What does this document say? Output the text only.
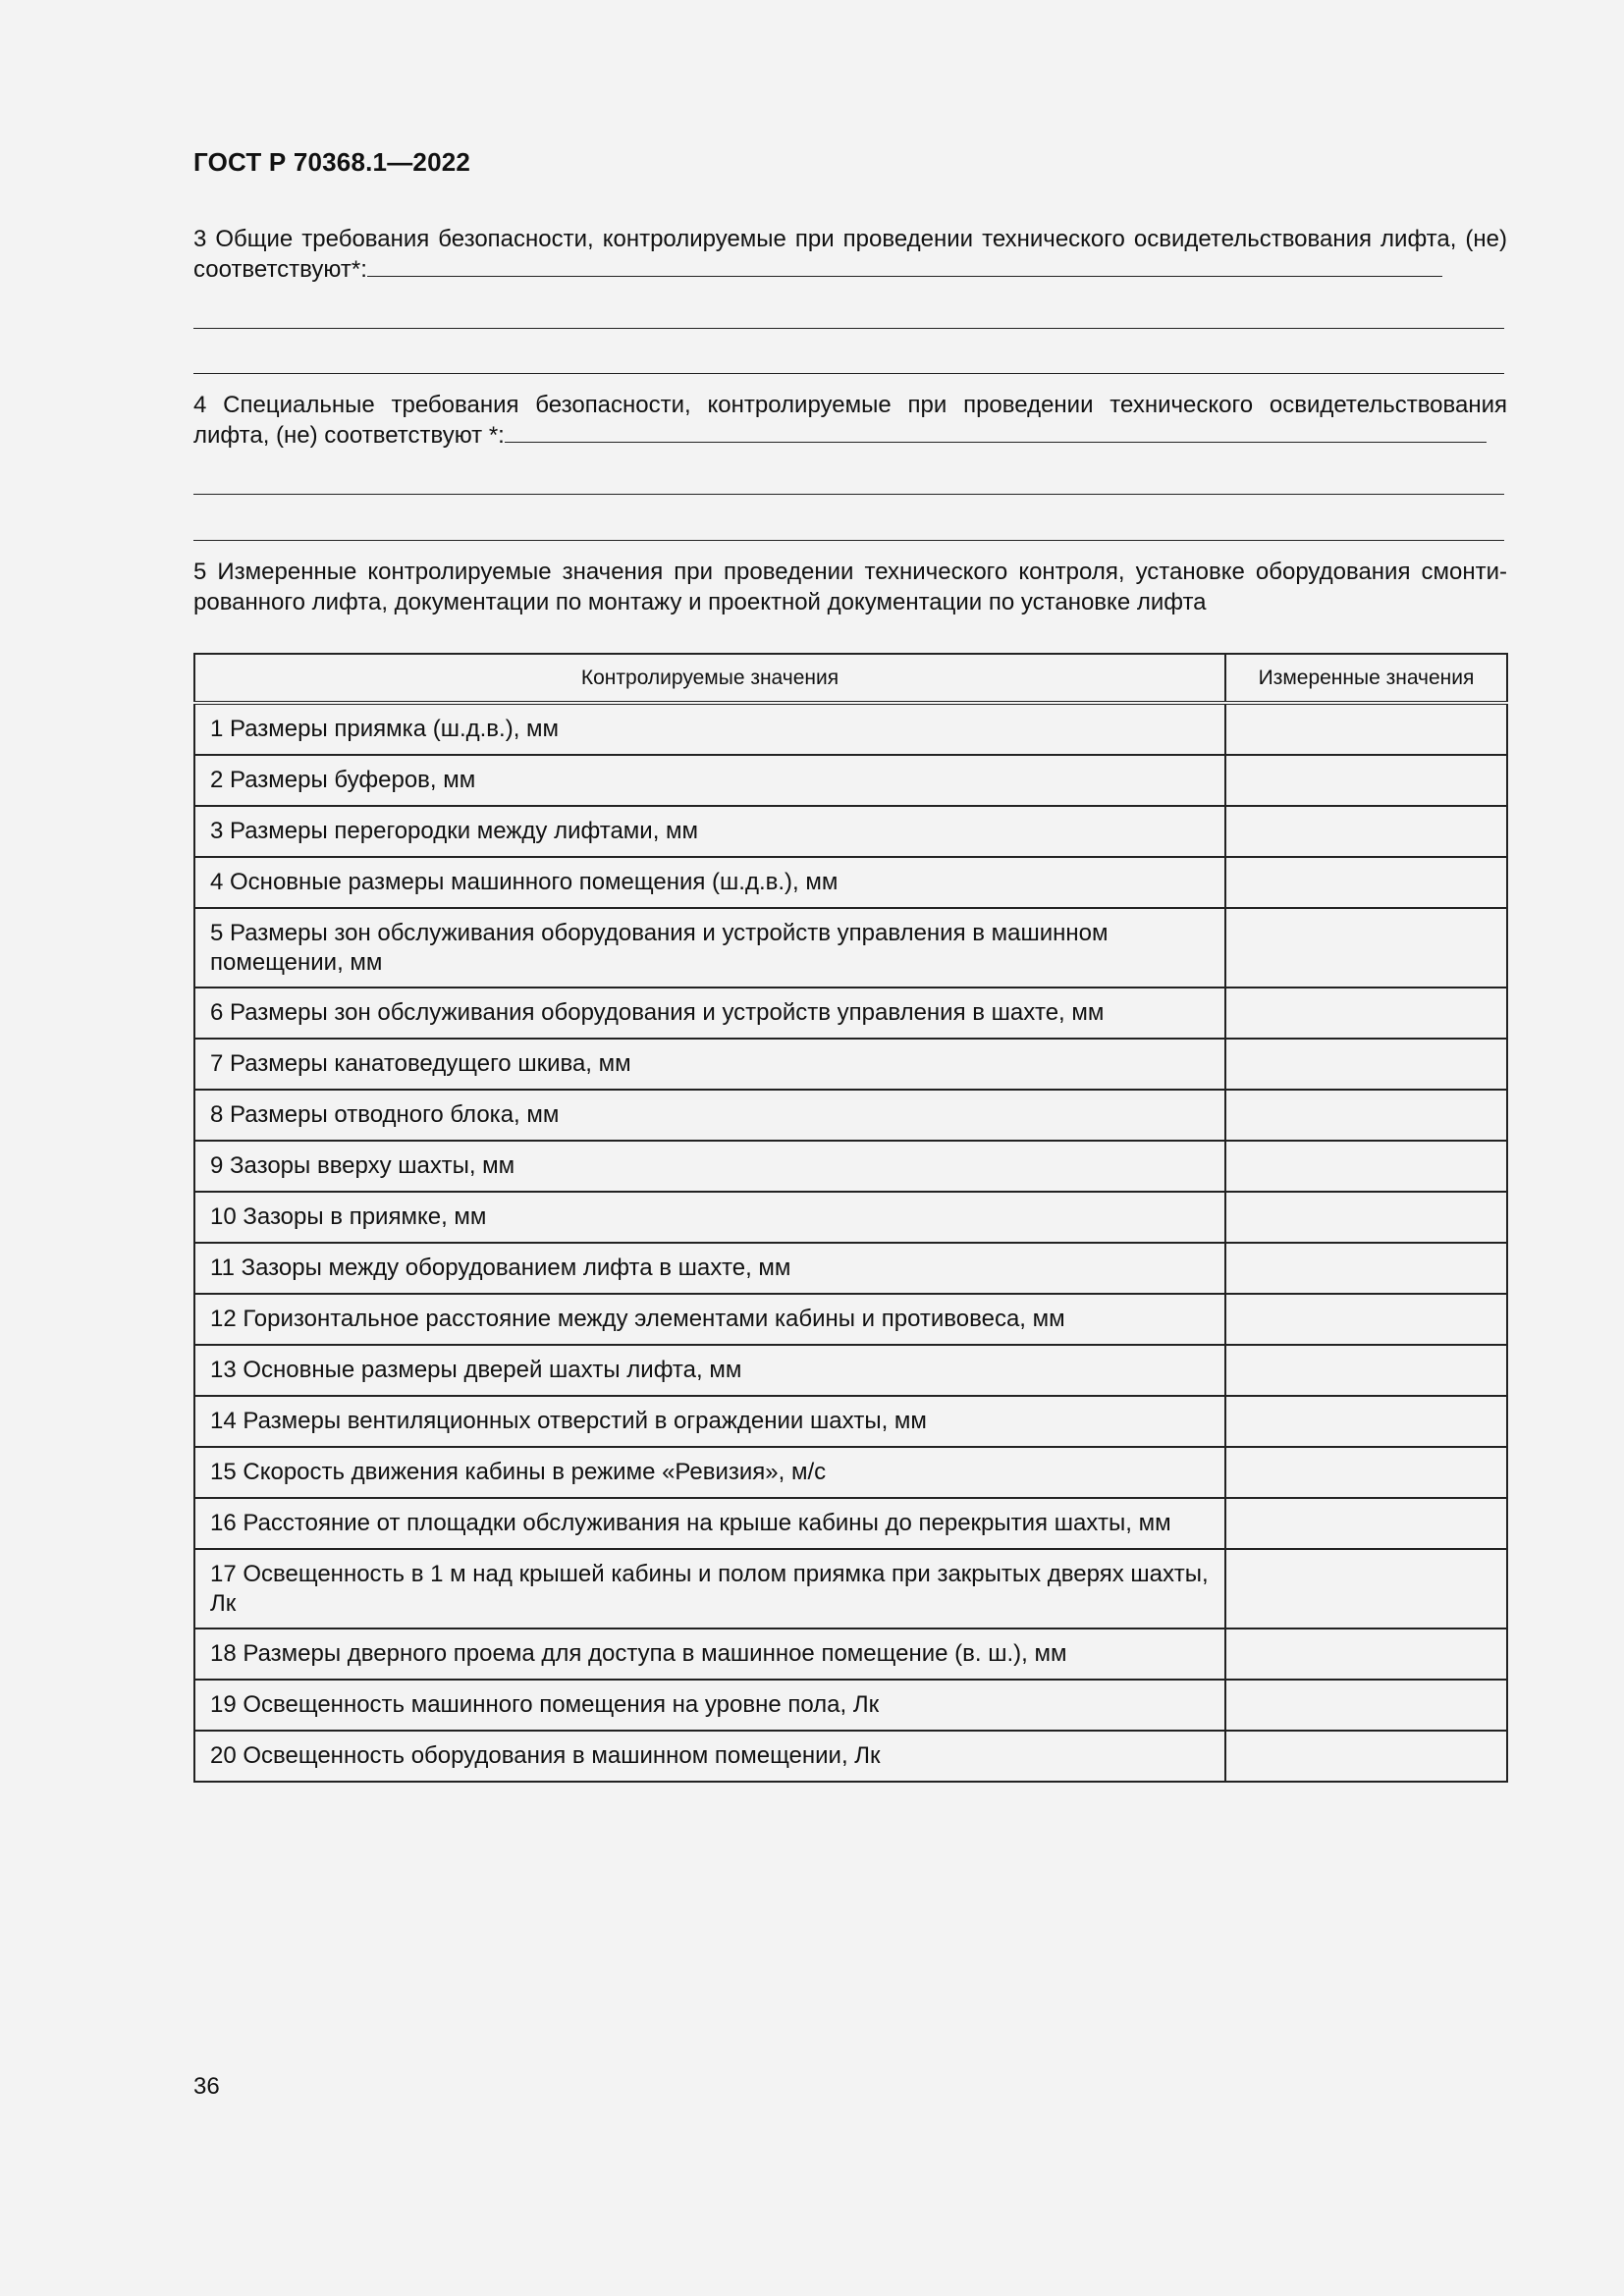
ГОСТ Р 70368.1—2022
3 Общие требования безопасности, контролируемые при проведении технического освидетельствования лифта, (не) соответствуют*:
4 Специальные требования безопасности, контролируемые при проведении технического освидетельствования лифта, (не) соответствуют *:
5 Измеренные контролируемые значения при проведении технического контроля, установке оборудования смонти-рованного лифта, документации по монтажу и проектной документации по установке лифта
Контролируемые значения	Измеренные значения
1 Размеры приямка (ш.д.в.), мм	
2 Размеры буферов, мм	
3 Размеры перегородки между лифтами, мм	
4 Основные размеры машинного помещения (ш.д.в.), мм	
5 Размеры зон обслуживания оборудования и устройств управления в машинном помещении, мм	
6 Размеры зон обслуживания оборудования и устройств управления в шахте, мм	
7 Размеры канатоведущего шкива, мм	
8 Размеры отводного блока, мм	
9 Зазоры вверху шахты, мм	
10 Зазоры в приямке, мм	
11 Зазоры между оборудованием лифта в шахте, мм	
12 Горизонтальное расстояние между элементами кабины и противовеса, мм	
13 Основные размеры дверей шахты лифта, мм	
14 Размеры вентиляционных отверстий в ограждении шахты, мм	
15 Скорость движения кабины в режиме «Ревизия», м/с	
16 Расстояние от площадки обслуживания на крыше кабины до перекрытия шахты, мм	
17 Освещенность в 1 м над крышей кабины и полом приямка при закрытых дверях шахты, Лк	
18 Размеры дверного проема для доступа в машинное помещение (в. ш.), мм	
19 Освещенность машинного помещения на уровне пола, Лк	
20 Освещенность оборудования в машинном помещении, Лк	
36
